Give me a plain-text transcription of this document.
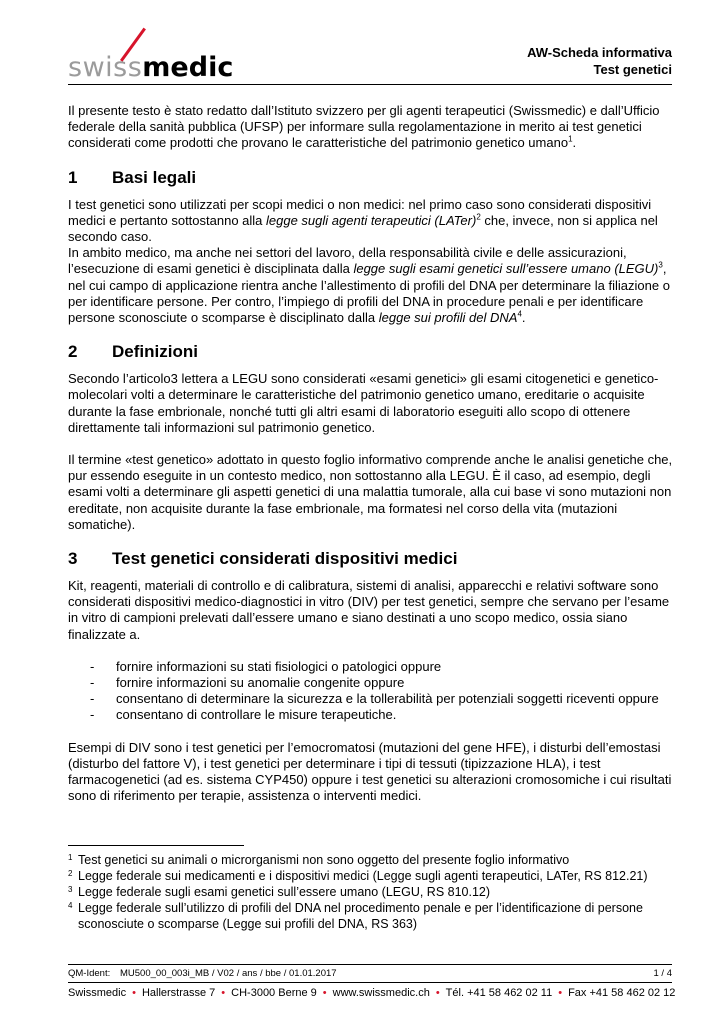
swissmedic	AW-Scheda informativa
Test genetici

Il presente testo è stato redatto dall’Istituto svizzero per gli agenti terapeutici (Swissmedic) e dall’Ufficio federale della sanità pubblica (UFSP) per informare sulla regolamentazione in merito ai test genetici considerati come prodotti che provano le caratteristiche del patrimonio genetico umano$^1$.

1	Basi legali

I test genetici sono utilizzati per scopi medici o non medici: nel primo caso sono considerati dispositivi medici e pertanto sottostanno alla legge sugli agenti terapeutici (LATer)$^2$ che, invece, non si applica nel secondo caso.

In ambito medico, ma anche nei settori del lavoro, della responsabilità civile e delle assicurazioni, l’esecuzione di esami genetici è disciplinata dalla legge sugli esami genetici sull’essere umano (LEGU)$^3$, nel cui campo di applicazione rientra anche l’allestimento di profili del DNA per determinare la filiazione o per identificare persone. Per contro, l’impiego di profili del DNA in procedure penali e per identificare persone sconosciute o scomparse è disciplinato dalla legge sui profili del DNA$^4$.

2	Definizioni

Secondo l’articolo3 lettera a LEGU sono considerati «esami genetici» gli esami citogenetici e genetico-molecolari volti a determinare le caratteristiche del patrimonio genetico umano, ereditarie o acquisite durante la fase embrionale, nonché tutti gli altri esami di laboratorio eseguiti allo scopo di ottenere direttamente tali informazioni sul patrimonio genetico.

Il termine «test genetico» adottato in questo foglio informativo comprende anche le analisi genetiche che, pur essendo eseguite in un contesto medico, non sottostanno alla LEGU. È il caso, ad esempio, degli esami volti a determinare gli aspetti genetici di una malattia tumorale, alla cui base vi sono mutazioni non ereditate, non acquisite durante la fase embrionale, ma formatesi nel corso della vita (mutazioni somatiche).

3	Test genetici considerati dispositivi medici

Kit, reagenti, materiali di controllo e di calibratura, sistemi di analisi, apparecchi e relativi software sono considerati dispositivi medico-diagnostici in vitro (DIV) per test genetici, sempre che servano per l’esame in vitro di campioni prelevati dall’essere umano e siano destinati a uno scopo medico, ossia siano finalizzate a.

- fornire informazioni su stati fisiologici o patologici oppure
- fornire informazioni su anomalie congenite oppure
- consentano di determinare la sicurezza e la tollerabilità per potenziali soggetti riceventi oppure
- consentano di controllare le misure terapeutiche.

Esempi di DIV sono i test genetici per l’emocromatosi (mutazioni del gene HFE), i disturbi dell’emostasi (disturbo del fattore V), i test genetici per determinare i tipi di tessuti (tipizzazione HLA), i test farmacogenetici (ad es. sistema CYP450) oppure i test genetici su alterazioni cromosomiche i cui risultati sono di riferimento per terapie, assistenza o interventi medici.

1 Test genetici su animali o microrganismi non sono oggetto del presente foglio informativo
2 Legge federale sui medicamenti e i dispositivi medici (Legge sugli agenti terapeutici, LATer, RS 812.21)
3 Legge federale sugli esami genetici sull’essere umano (LEGU, RS 810.12)
4 Legge federale sull’utilizzo di profili del DNA nel procedimento penale e per l’identificazione di persone sconosciute o scomparse (Legge sui profili del DNA, RS 363)
QM-Ident: MU500_00_003i_MB / V02 / ans / bbe / 01.01.2017	1 / 4
Swissmedic • Hallerstrasse 7 • CH-3000 Berne 9 • www.swissmedic.ch • Tél. +41 58 462 02 11 • Fax +41 58 462 02 12
